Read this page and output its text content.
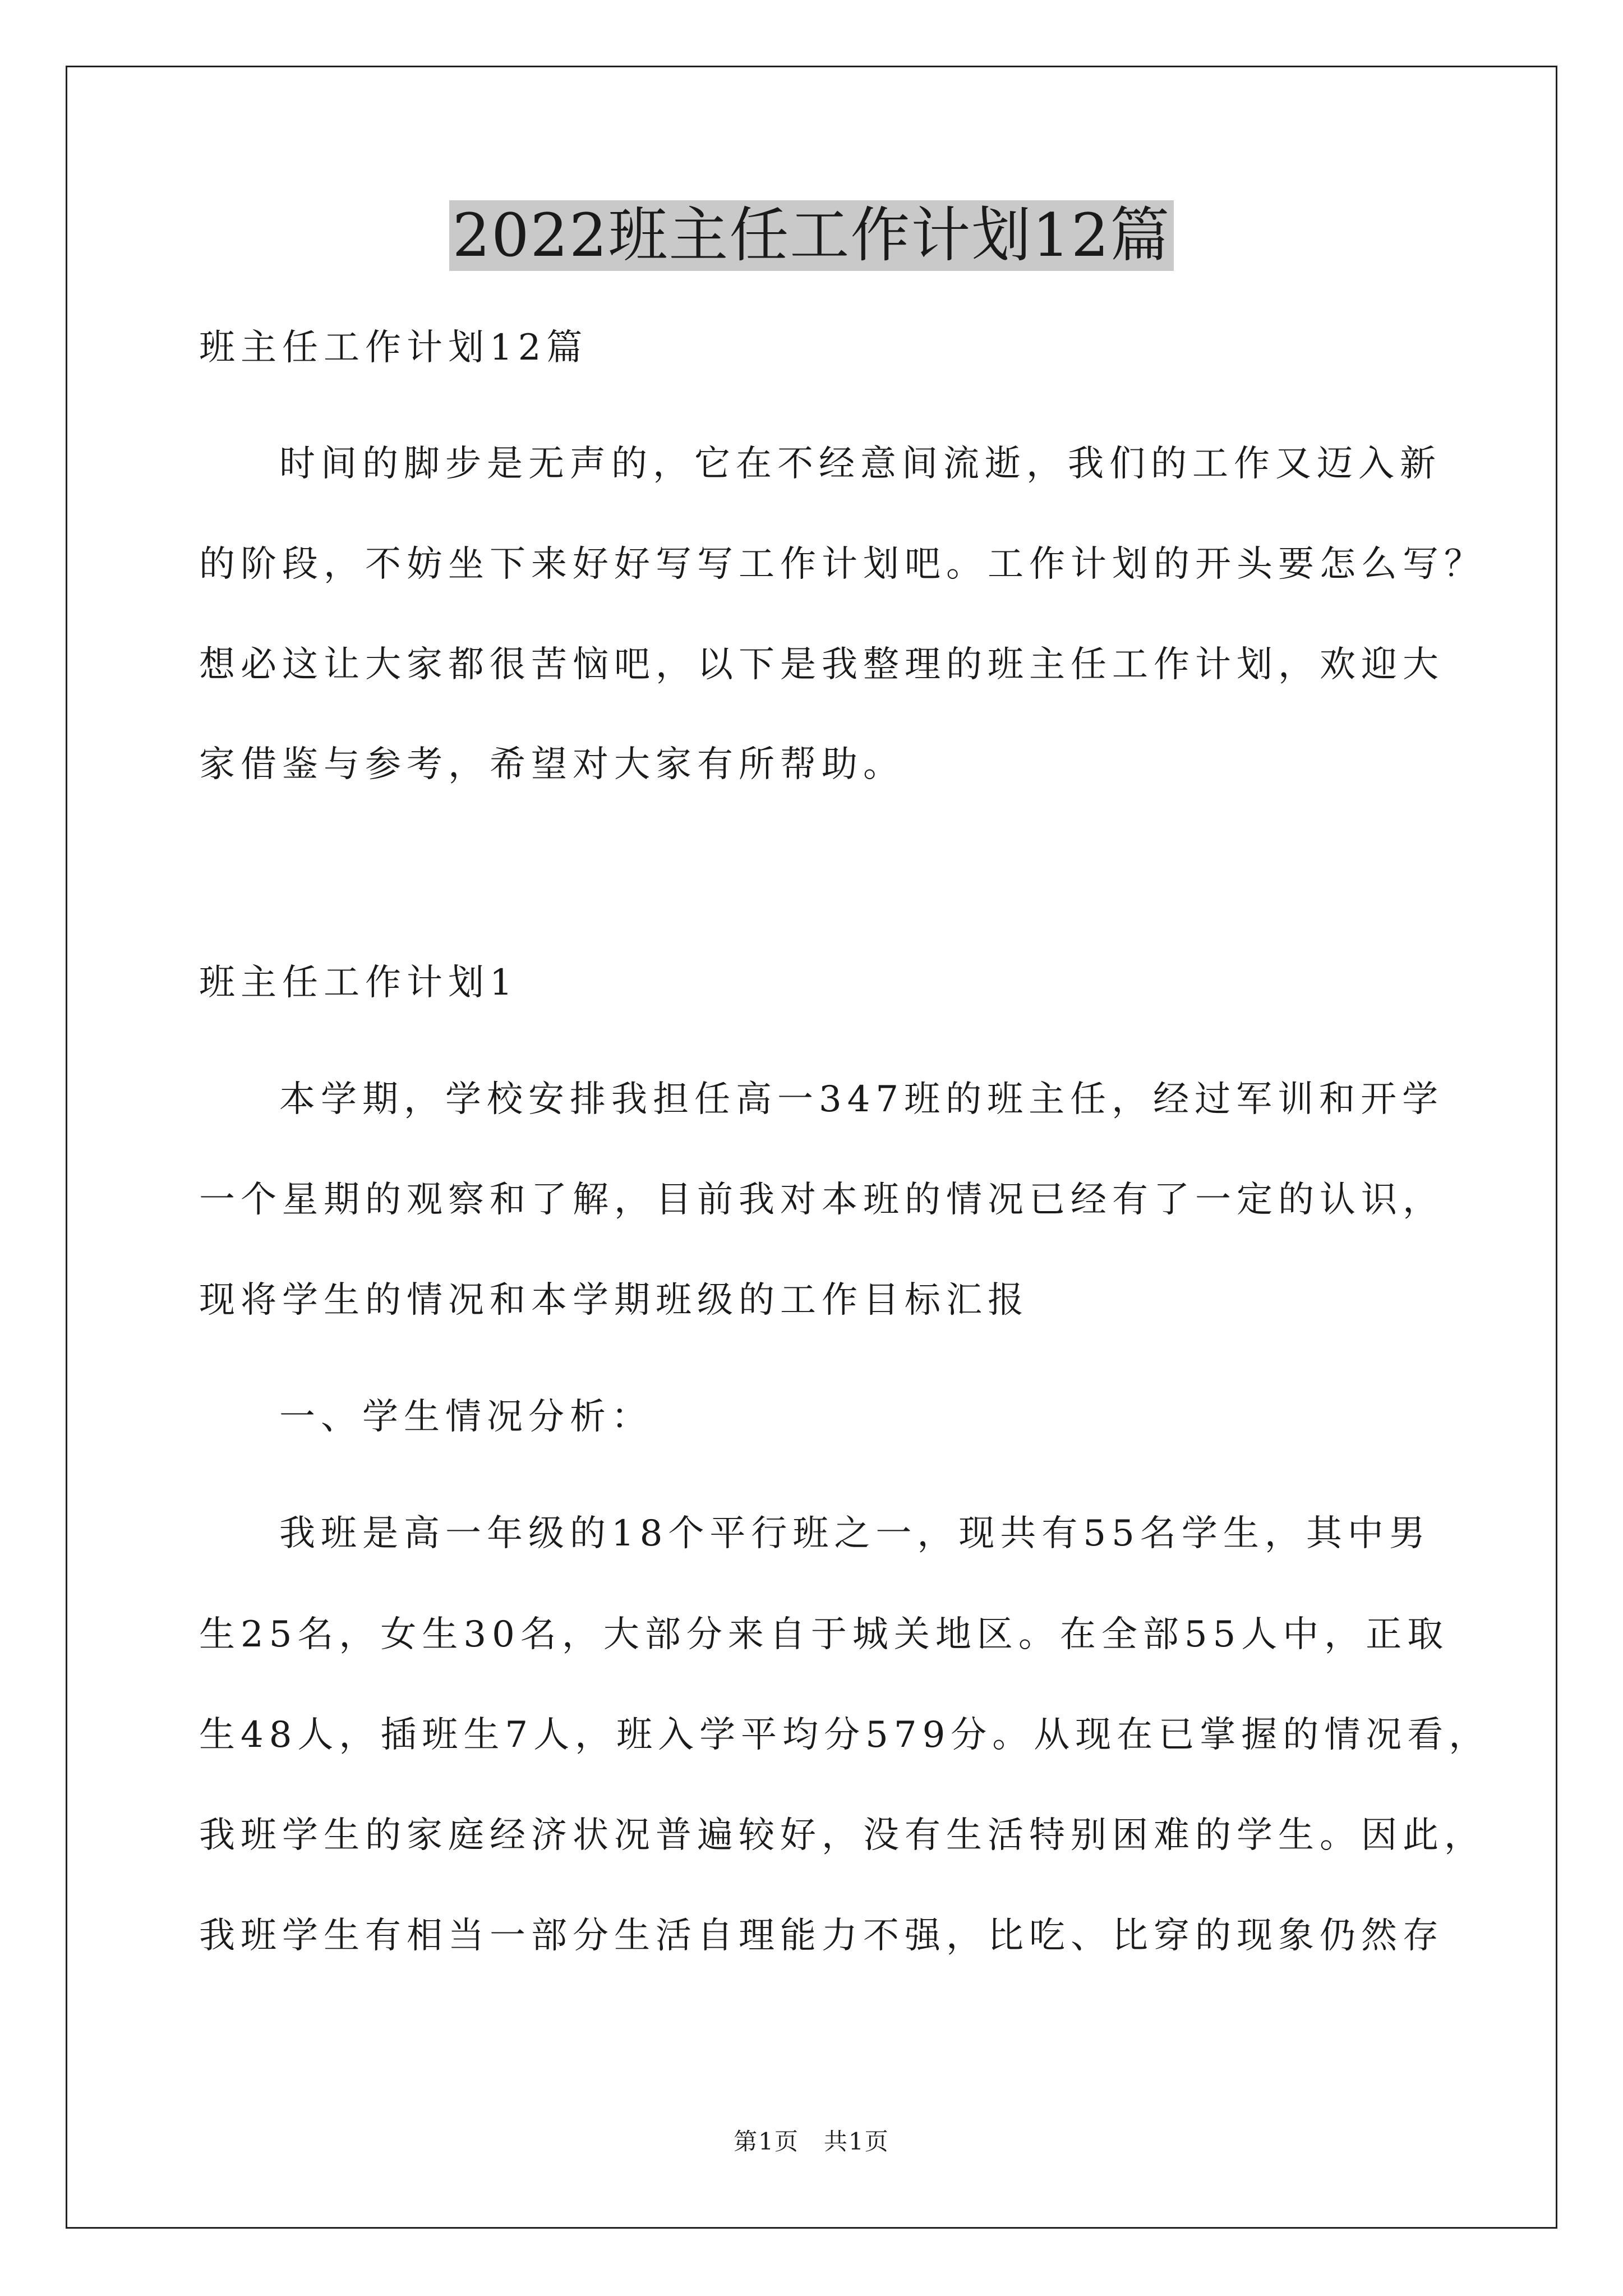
2022班主任工作计划12篇

班主任工作计划12篇

时间的脚步是无声的，它在不经意间流逝，我们的工作又迈入新

的阶段，不妨坐下来好好写写工作计划吧。工作计划的开头要怎么写？

想必这让大家都很苦恼吧，以下是我整理的班主任工作计划，欢迎大

家借鉴与参考，希望对大家有所帮助。

班主任工作计划1

本学期，学校安排我担任高一347班的班主任，经过军训和开学

一个星期的观察和了解，目前我对本班的情况已经有了一定的认识，

现将学生的情况和本学期班级的工作目标汇报

一、学生情况分析：

我班是高一年级的18个平行班之一，现共有55名学生，其中男

生25名，女生30名，大部分来自于城关地区。在全部55人中，正取

生48人，插班生7人，班入学平均分579分。从现在已掌握的情况看，

我班学生的家庭经济状况普遍较好，没有生活特别困难的学生。因此，

我班学生有相当一部分生活自理能力不强，比吃、比穿的现象仍然存

第1页　共1页
